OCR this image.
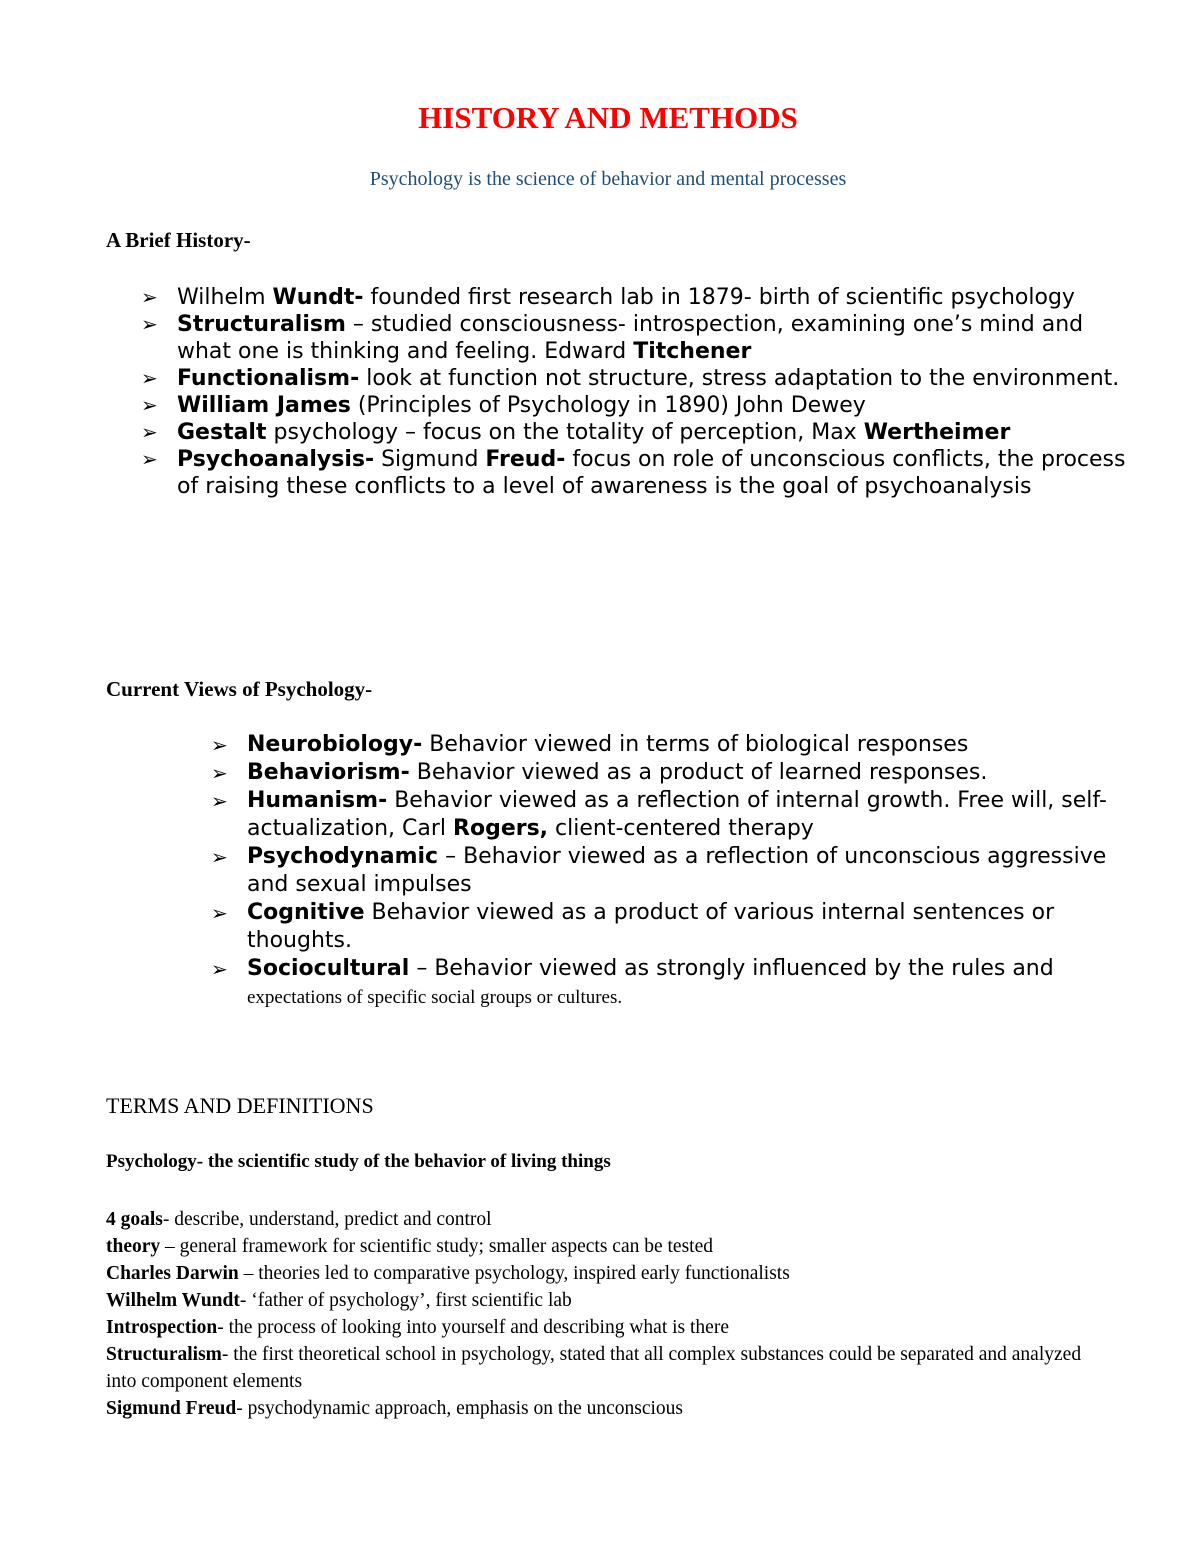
HISTORY AND METHODS
Psychology is the science of behavior and mental processes
A Brief History-
➢ Wilhelm Wundt- founded first research lab in 1879- birth of scientific psychology
➢ Structuralism – studied consciousness- introspection, examining one’s mind and what one is thinking and feeling. Edward Titchener
➢ Functionalism- look at function not structure, stress adaptation to the environment.
➢ William James (Principles of Psychology in 1890) John Dewey
➢ Gestalt psychology – focus on the totality of perception, Max Wertheimer
➢ Psychoanalysis- Sigmund Freud- focus on role of unconscious conflicts, the process of raising these conflicts to a level of awareness is the goal of psychoanalysis
Current Views of Psychology-
➢ Neurobiology- Behavior viewed in terms of biological responses
➢ Behaviorism- Behavior viewed as a product of learned responses.
➢ Humanism- Behavior viewed as a reflection of internal growth. Free will, self-actualization, Carl Rogers, client-centered therapy
➢ Psychodynamic – Behavior viewed as a reflection of unconscious aggressive and sexual impulses
➢ Cognitive Behavior viewed as a product of various internal sentences or thoughts.
➢ Sociocultural – Behavior viewed as strongly influenced by the rules and expectations of specific social groups or cultures.
TERMS AND DEFINITIONS
Psychology- the scientific study of the behavior of living things
4 goals- describe, understand, predict and control
theory – general framework for scientific study; smaller aspects can be tested
Charles Darwin – theories led to comparative psychology, inspired early functionalists
Wilhelm Wundt- ‘father of psychology’, first scientific lab
Introspection- the process of looking into yourself and describing what is there
Structuralism- the first theoretical school in psychology, stated that all complex substances could be separated and analyzed into component elements
Sigmund Freud- psychodynamic approach, emphasis on the unconscious
